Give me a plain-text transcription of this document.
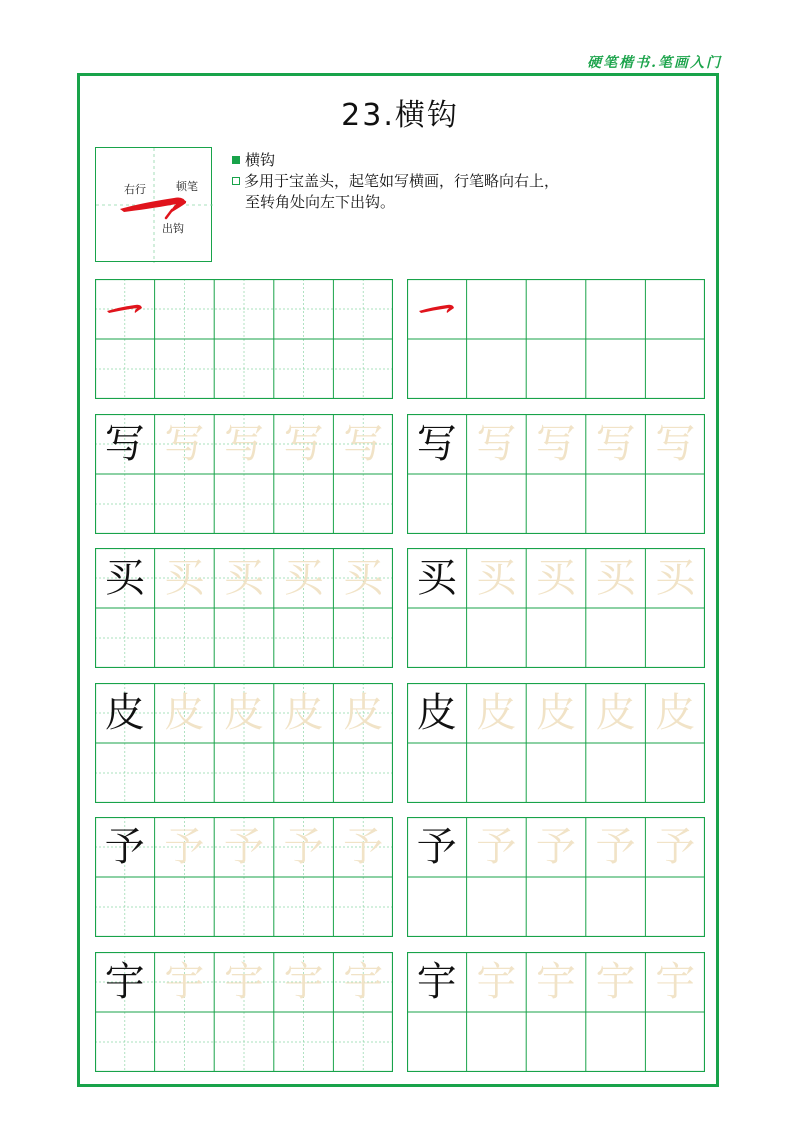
硬笔楷书.笔画入门
23.横钩
右行	顿笔
出钩
横钩
多用于宝盖头，起笔如写横画，行笔略向右上，
至转角处向左下出钩。
写 写 写 写 写 写 写 写 写 写
买 买 买 买 买 买 买 买 买 买
皮 皮 皮 皮 皮 皮 皮 皮 皮 皮
予 予 予 予 予 予 予 予 予 予
宇 宇 宇 宇 宇 宇 宇 宇 宇 宇
